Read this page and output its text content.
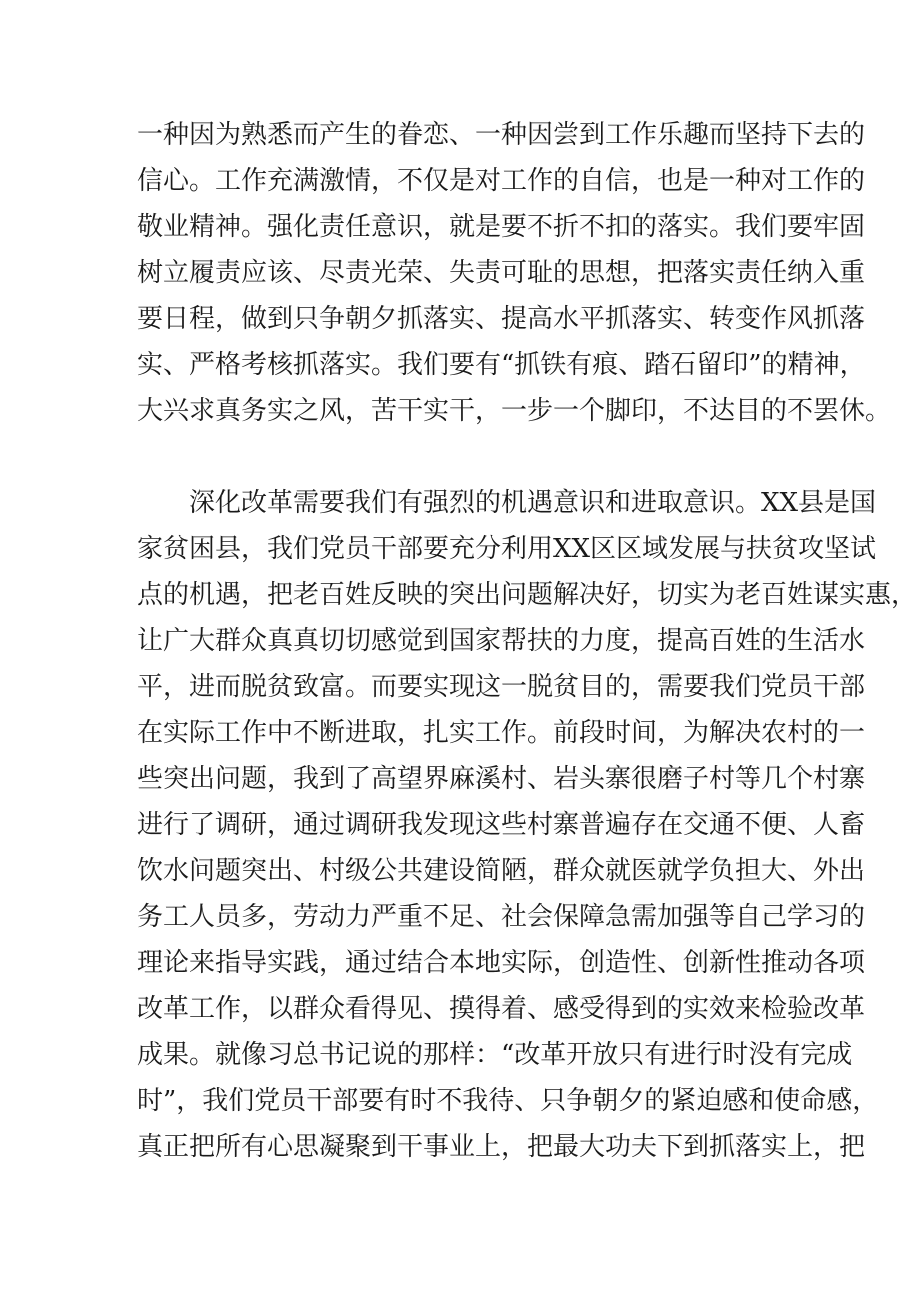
一种因为熟悉而产生的眷恋、一种因尝到工作乐趣而坚持下去的
信心。工作充满激情，不仅是对工作的自信，也是一种对工作的
敬业精神。强化责任意识，就是要不折不扣的落实。我们要牢固
树立履责应该、尽责光荣、失责可耻的思想，把落实责任纳入重
要日程，做到只争朝夕抓落实、提高水平抓落实、转变作风抓落
实、严格考核抓落实。我们要有“抓铁有痕、踏石留印”的精神，
大兴求真务实之风，苦干实干，一步一个脚印，不达目的不罢休。
深化改革需要我们有强烈的机遇意识和进取意识。XX县是国
家贫困县，我们党员干部要充分利用XX区区域发展与扶贫攻坚试
点的机遇，把老百姓反映的突出问题解决好，切实为老百姓谋实惠，
让广大群众真真切切感觉到国家帮扶的力度，提高百姓的生活水
平，进而脱贫致富。而要实现这一脱贫目的，需要我们党员干部
在实际工作中不断进取，扎实工作。前段时间，为解决农村的一
些突出问题，我到了高望界麻溪村、岩头寨很磨子村等几个村寨
进行了调研，通过调研我发现这些村寨普遍存在交通不便、人畜
饮水问题突出、村级公共建设简陋，群众就医就学负担大、外出
务工人员多，劳动力严重不足、社会保障急需加强等自己学习的
理论来指导实践，通过结合本地实际，创造性、创新性推动各项
改革工作，以群众看得见、摸得着、感受得到的实效来检验改革
成果。就像习总书记说的那样：“改革开放只有进行时没有完成
时”，我们党员干部要有时不我待、只争朝夕的紧迫感和使命感，
真正把所有心思凝聚到干事业上，把最大功夫下到抓落实上，把
